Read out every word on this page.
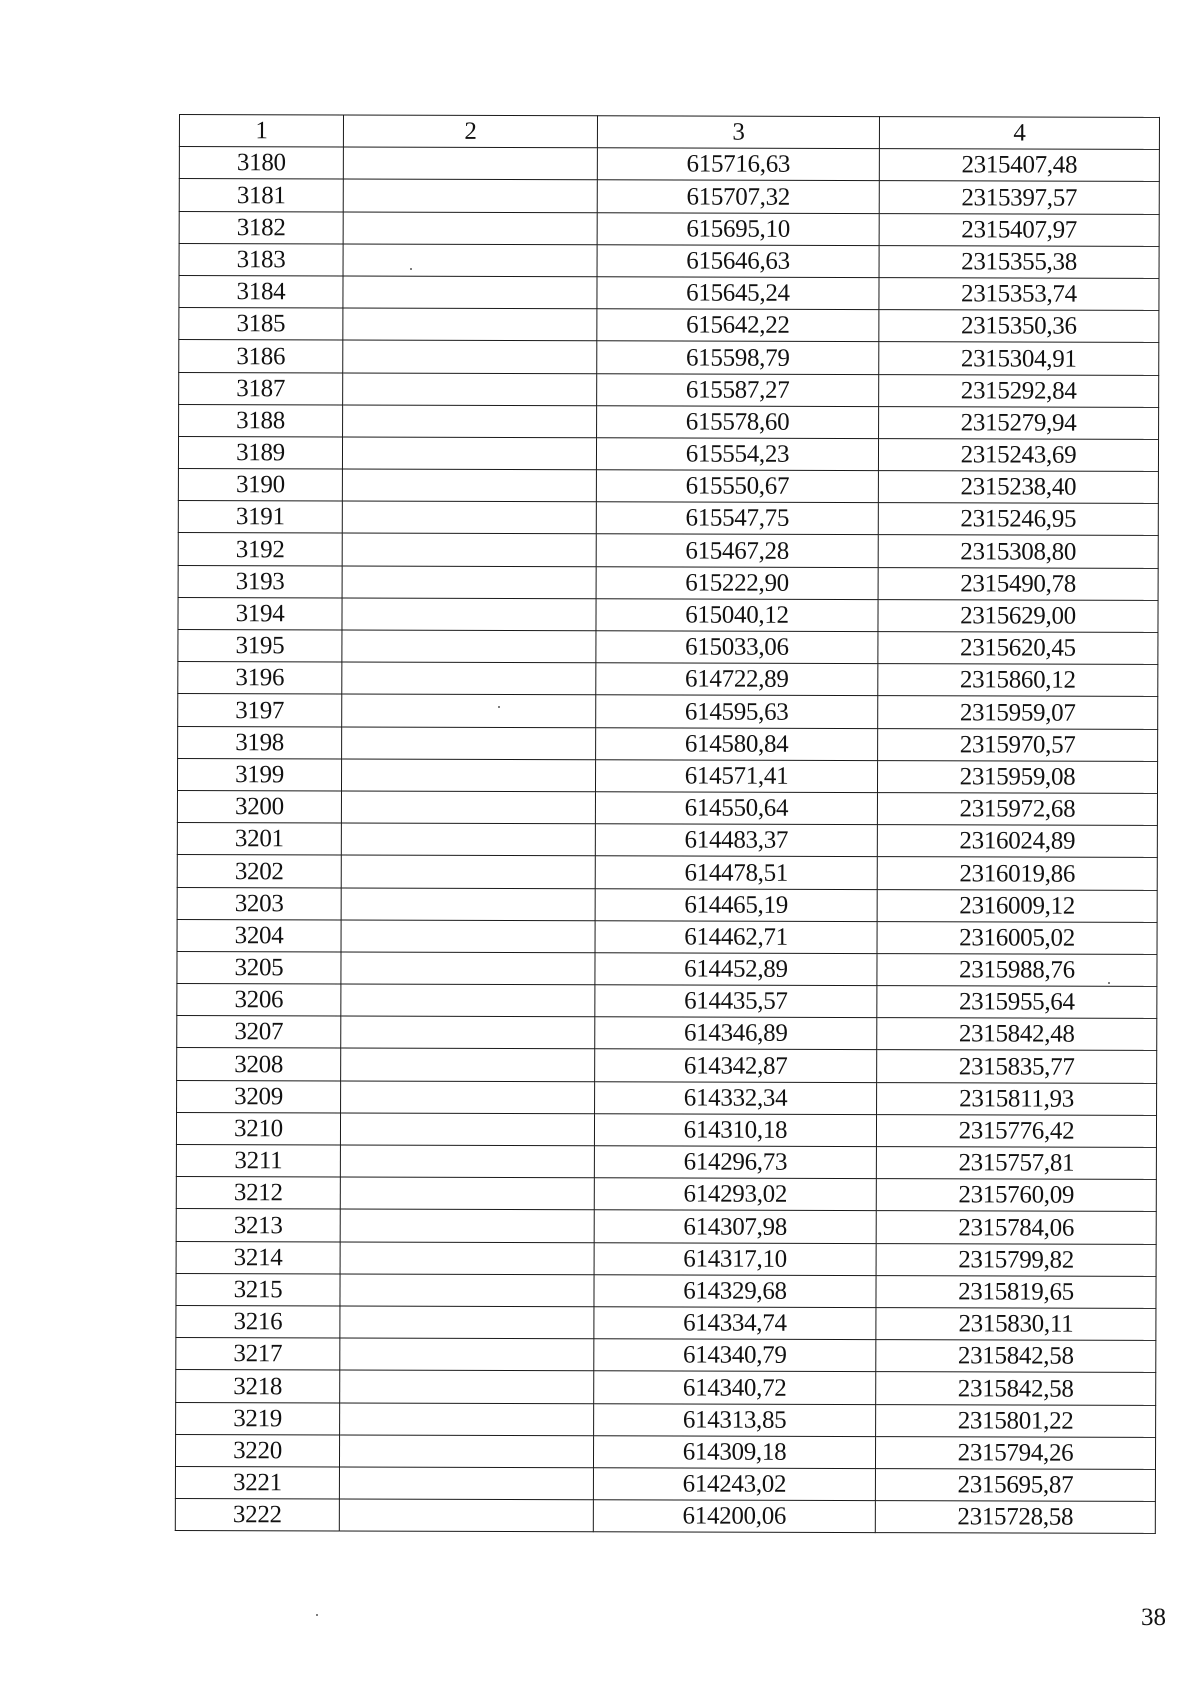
1	2	3	4
3180		615716,63	2315407,48
3181		615707,32	2315397,57
3182		615695,10	2315407,97
3183		615646,63	2315355,38
3184		615645,24	2315353,74
3185		615642,22	2315350,36
3186		615598,79	2315304,91
3187		615587,27	2315292,84
3188		615578,60	2315279,94
3189		615554,23	2315243,69
3190		615550,67	2315238,40
3191		615547,75	2315246,95
3192		615467,28	2315308,80
3193		615222,90	2315490,78
3194		615040,12	2315629,00
3195		615033,06	2315620,45
3196		614722,89	2315860,12
3197		614595,63	2315959,07
3198		614580,84	2315970,57
3199		614571,41	2315959,08
3200		614550,64	2315972,68
3201		614483,37	2316024,89
3202		614478,51	2316019,86
3203		614465,19	2316009,12
3204		614462,71	2316005,02
3205		614452,89	2315988,76
3206		614435,57	2315955,64
3207		614346,89	2315842,48
3208		614342,87	2315835,77
3209		614332,34	2315811,93
3210		614310,18	2315776,42
3211		614296,73	2315757,81
3212		614293,02	2315760,09
3213		614307,98	2315784,06
3214		614317,10	2315799,82
3215		614329,68	2315819,65
3216		614334,74	2315830,11
3217		614340,79	2315842,58
3218		614340,72	2315842,58
3219		614313,85	2315801,22
3220		614309,18	2315794,26
3221		614243,02	2315695,87
3222		614200,06	2315728,58
38
